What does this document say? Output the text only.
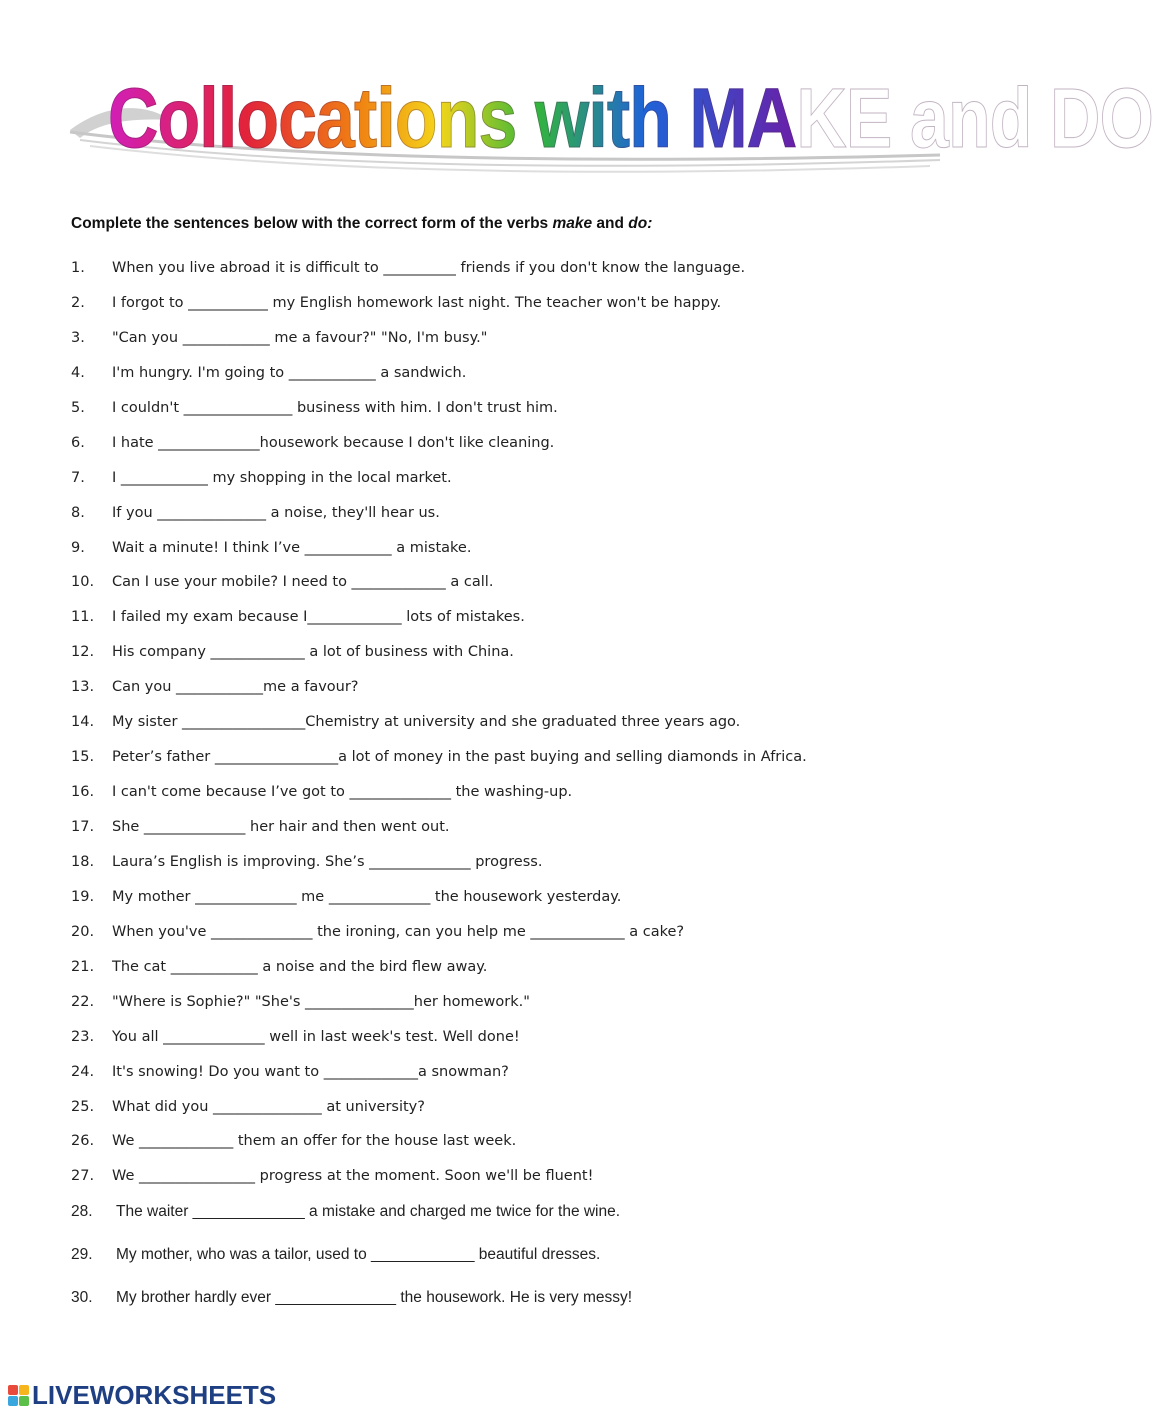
Collocations with MAKE and DO
Complete the sentences below with the correct form of the verbs make and do:
1.	When you live abroad it is difficult to __________ friends if you don't know the language.
2.	I forgot to ___________ my English homework last night. The teacher won't be happy.
3.	"Can you ____________ me a favour?" "No, I'm busy."
4.	I'm hungry. I'm going to ____________ a sandwich.
5.	I couldn't _______________ business with him. I don't trust him.
6.	I hate ______________housework because I don't like cleaning.
7.	I ____________ my shopping in the local market.
8.	If you _______________ a noise, they'll hear us.
9.	Wait a minute! I think I’ve ____________ a mistake.
10.	Can I use your mobile? I need to _____________ a call.
11.	I failed my exam because I_____________ lots of mistakes.
12.	His company _____________ a lot of business with China.
13.	Can you ____________me a favour?
14.	My sister _________________Chemistry at university and she graduated three years ago.
15.	Peter’s father _________________a lot of money in the past buying and selling diamonds in Africa.
16.	I can't come because I’ve got to ______________ the washing-up.
17.	She ______________ her hair and then went out.
18.	Laura’s English is improving. She’s ______________ progress.
19.	My mother ______________ me ______________ the housework yesterday.
20.	When you've ______________ the ironing, can you help me _____________ a cake?
21.	The cat ____________ a noise and the bird flew away.
22.	"Where is Sophie?" "She's _______________her homework."
23.	You all ______________ well in last week's test. Well done!
24.	It's snowing! Do you want to _____________a snowman?
25.	What did you _______________ at university?
26.	We _____________ them an offer for the house last week.
27.	We ________________ progress at the moment. Soon we'll be fluent!
28.	The waiter _____________ a mistake and charged me twice for the wine.
29.	My mother, who was a tailor, used to ____________ beautiful dresses.
30.	My brother hardly ever ______________ the housework. He is very messy!
LIVEWORKSHEETS
